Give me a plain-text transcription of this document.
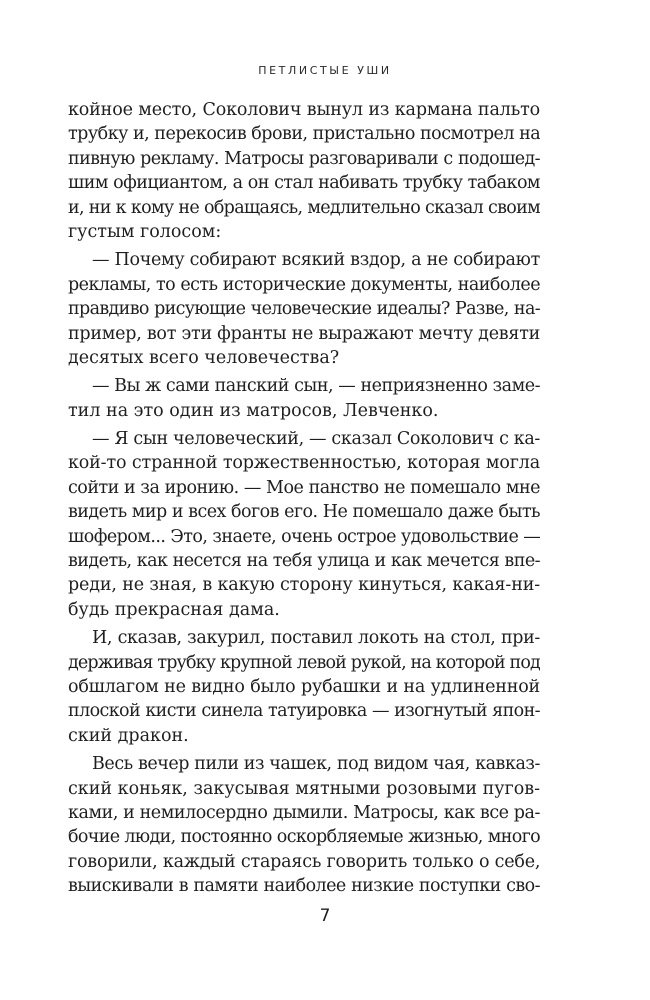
ПЕТЛИСТЫЕ УШИ
койное место, Соколович вынул из кармана пальто
трубку и, перекосив брови, пристально посмотрел на
пивную рекламу. Матросы разговаривали с подошед-
шим официантом, а он стал набивать трубку табаком
и, ни к кому не обращаясь, медлительно сказал своим
густым голосом:
— Почему собирают всякий вздор, а не собирают
рекламы, то есть исторические документы, наиболее
правдиво рисующие человеческие идеалы? Разве, на-
пример, вот эти франты не выражают мечту девяти
десятых всего человечества?
— Вы ж сами панский сын, — неприязненно заме-
тил на это один из матросов, Левченко.
— Я сын человеческий, — сказал Соколович с ка-
кой-то странной торжественностью, которая могла
сойти и за иронию. — Мое панство не помешало мне
видеть мир и всех богов его. Не помешало даже быть
шофером... Это, знаете, очень острое удовольствие —
видеть, как несется на тебя улица и как мечется впе-
реди, не зная, в какую сторону кинуться, какая-ни-
будь прекрасная дама.
И, сказав, закурил, поставил локоть на стол, при-
держивая трубку крупной левой рукой, на которой под
обшлагом не видно было рубашки и на удлиненной
плоской кисти синела татуировка — изогнутый япон-
ский дракон.
Весь вечер пили из чашек, под видом чая, кавказ-
ский коньяк, закусывая мятными розовыми пугов-
ками, и немилосердно дымили. Матросы, как все ра-
бочие люди, постоянно оскорбляемые жизнью, много
говорили, каждый стараясь говорить только о себе,
выискивали в памяти наиболее низкие поступки сво-
7
